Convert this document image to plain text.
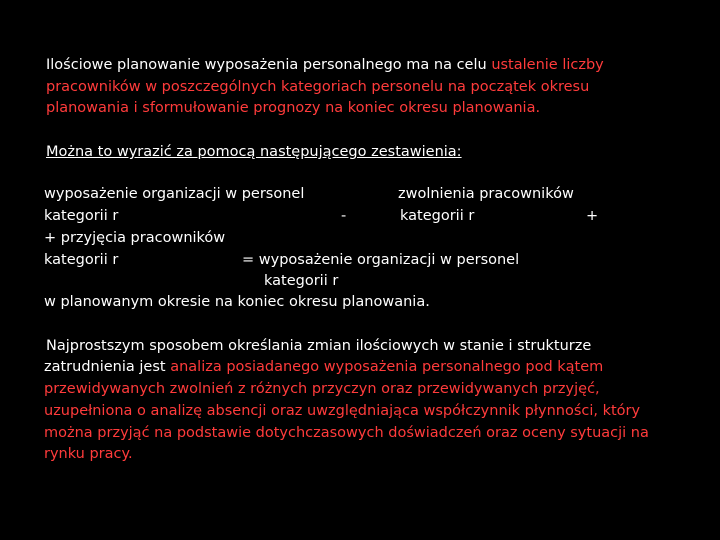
Ilościowe planowanie wyposażenia personalnego ma na celu ustalenie liczby
pracowników w poszczególnych kategoriach personelu na początek okresu
planowania i sformułowanie prognozy na koniec okresu planowania.
Można to wyrazić za pomocą następującego zestawienia:
wyposażenie organizacji w personel	zwolnienia pracowników
kategorii r	-	kategorii r	+
+ przyjęcia pracowników
kategorii r	= wyposażenie organizacji w personel
kategorii r
w planowanym okresie na koniec okresu planowania.
Najprostszym sposobem określania zmian ilościowych w stanie i strukturze
zatrudnienia jest analiza posiadanego wyposażenia personalnego pod kątem
przewidywanych zwolnień z różnych przyczyn oraz przewidywanych przyjęć,
uzupełniona o analizę absencji oraz uwzględniająca współczynnik płynności, który
można przyjąć na podstawie dotychczasowych doświadczeń oraz oceny sytuacji na
rynku pracy.
